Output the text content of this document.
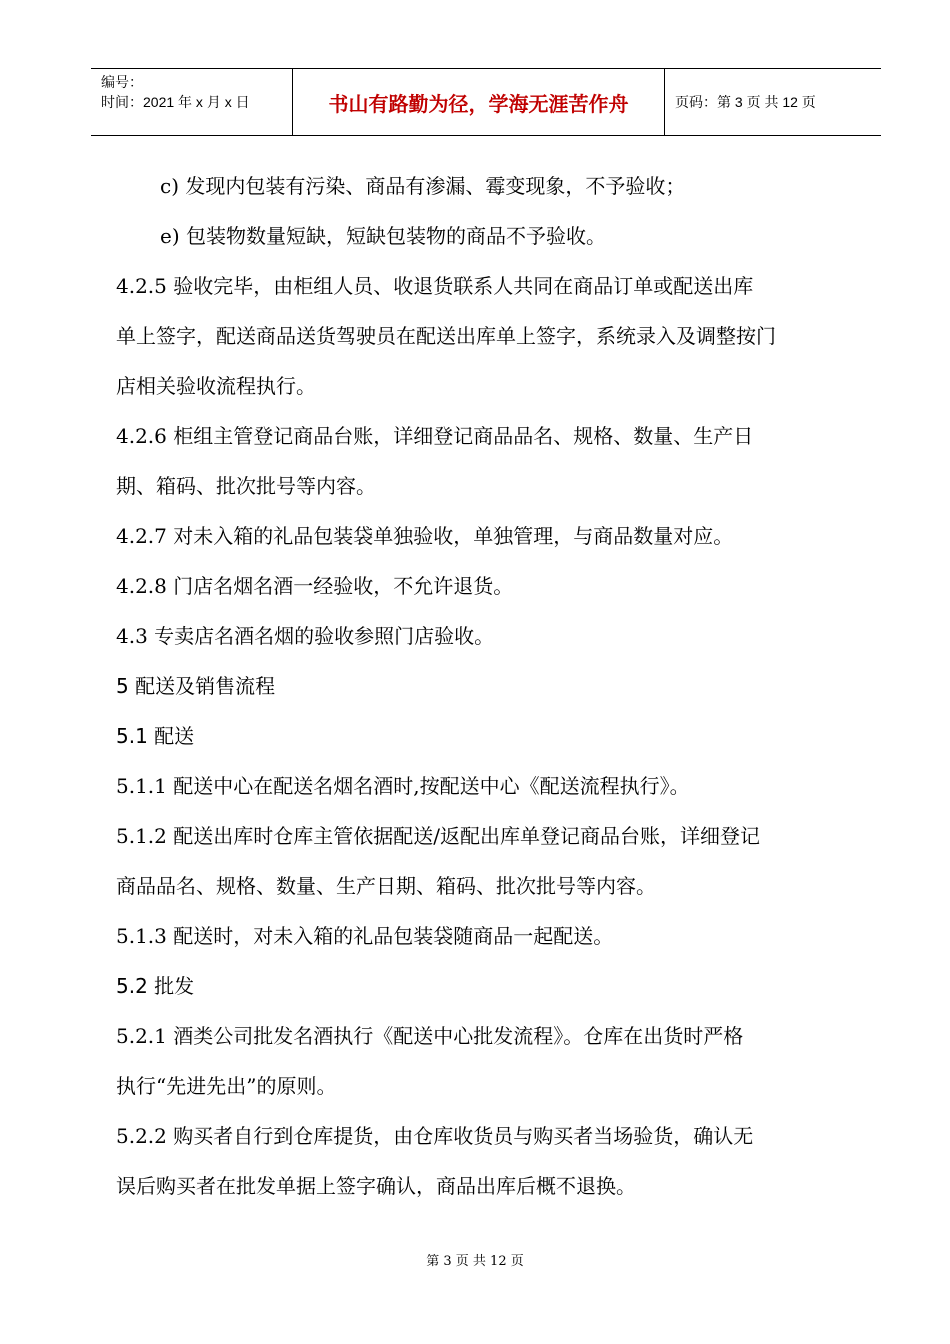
编号：
时间：2021 年 x 月 x 日	书山有路勤为径，学海无涯苦作舟	页码：第 3 页 共 12 页
c) 发现内包装有污染、商品有渗漏、霉变现象，不予验收；
e) 包装物数量短缺，短缺包装物的商品不予验收。
4.2.5 验收完毕，由柜组人员、收退货联系人共同在商品订单或配送出库
单上签字，配送商品送货驾驶员在配送出库单上签字，系统录入及调整按门
店相关验收流程执行。
4.2.6 柜组主管登记商品台账，详细登记商品品名、规格、数量、生产日
期、箱码、批次批号等内容。
4.2.7 对未入箱的礼品包装袋单独验收，单独管理，与商品数量对应。
4.2.8 门店名烟名酒一经验收，不允许退货。
4.3 专卖店名酒名烟的验收参照门店验收。
5 配送及销售流程
5.1 配送
5.1.1 配送中心在配送名烟名酒时,按配送中心《配送流程执行》。
5.1.2 配送出库时仓库主管依据配送/返配出库单登记商品台账，详细登记
商品品名、规格、数量、生产日期、箱码、批次批号等内容。
5.1.3 配送时，对未入箱的礼品包装袋随商品一起配送。
5.2 批发
5.2.1 酒类公司批发名酒执行《配送中心批发流程》。仓库在出货时严格
执行“先进先出”的原则。
5.2.2 购买者自行到仓库提货，由仓库收货员与购买者当场验货，确认无
误后购买者在批发单据上签字确认，商品出库后概不退换。
第 3 页 共 12 页
